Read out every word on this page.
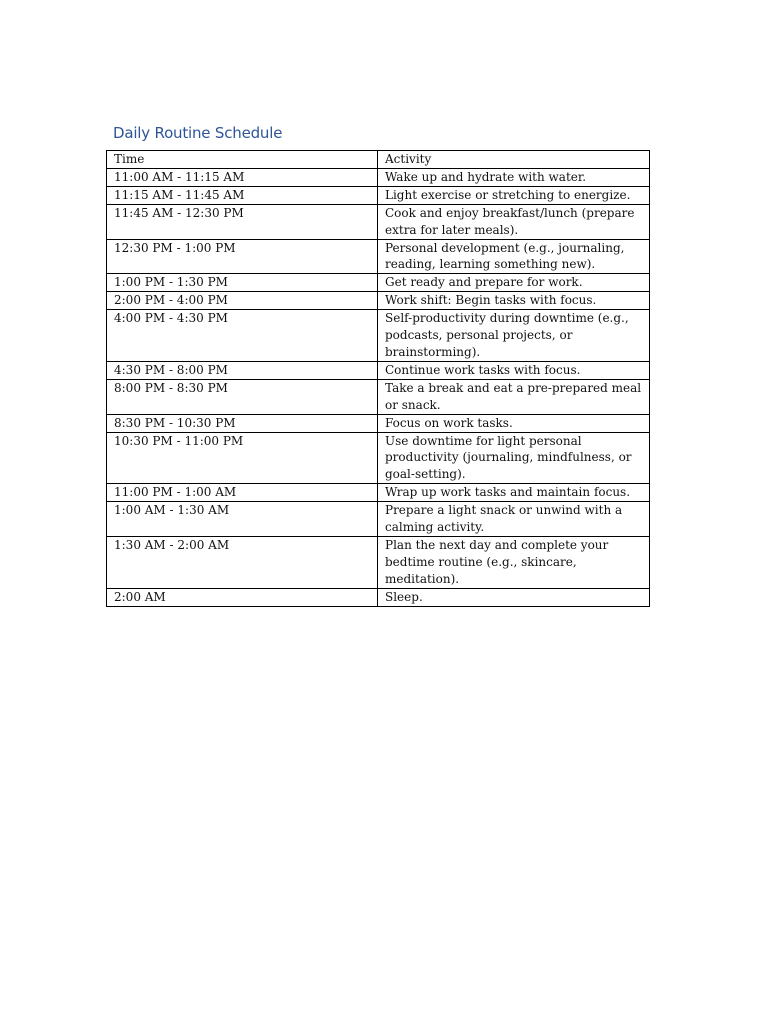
Daily Routine Schedule
Time	Activity
11:00 AM - 11:15 AM	Wake up and hydrate with water.
11:15 AM - 11:45 AM	Light exercise or stretching to energize.
11:45 AM - 12:30 PM	Cook and enjoy breakfast/lunch (prepare extra for later meals).
12:30 PM - 1:00 PM	Personal development (e.g., journaling, reading, learning something new).
1:00 PM - 1:30 PM	Get ready and prepare for work.
2:00 PM - 4:00 PM	Work shift: Begin tasks with focus.
4:00 PM - 4:30 PM	Self-productivity during downtime (e.g., podcasts, personal projects, or brainstorming).
4:30 PM - 8:00 PM	Continue work tasks with focus.
8:00 PM - 8:30 PM	Take a break and eat a pre-prepared meal or snack.
8:30 PM - 10:30 PM	Focus on work tasks.
10:30 PM - 11:00 PM	Use downtime for light personal productivity (journaling, mindfulness, or goal-setting).
11:00 PM - 1:00 AM	Wrap up work tasks and maintain focus.
1:00 AM - 1:30 AM	Prepare a light snack or unwind with a calming activity.
1:30 AM - 2:00 AM	Plan the next day and complete your bedtime routine (e.g., skincare, meditation).
2:00 AM	Sleep.
